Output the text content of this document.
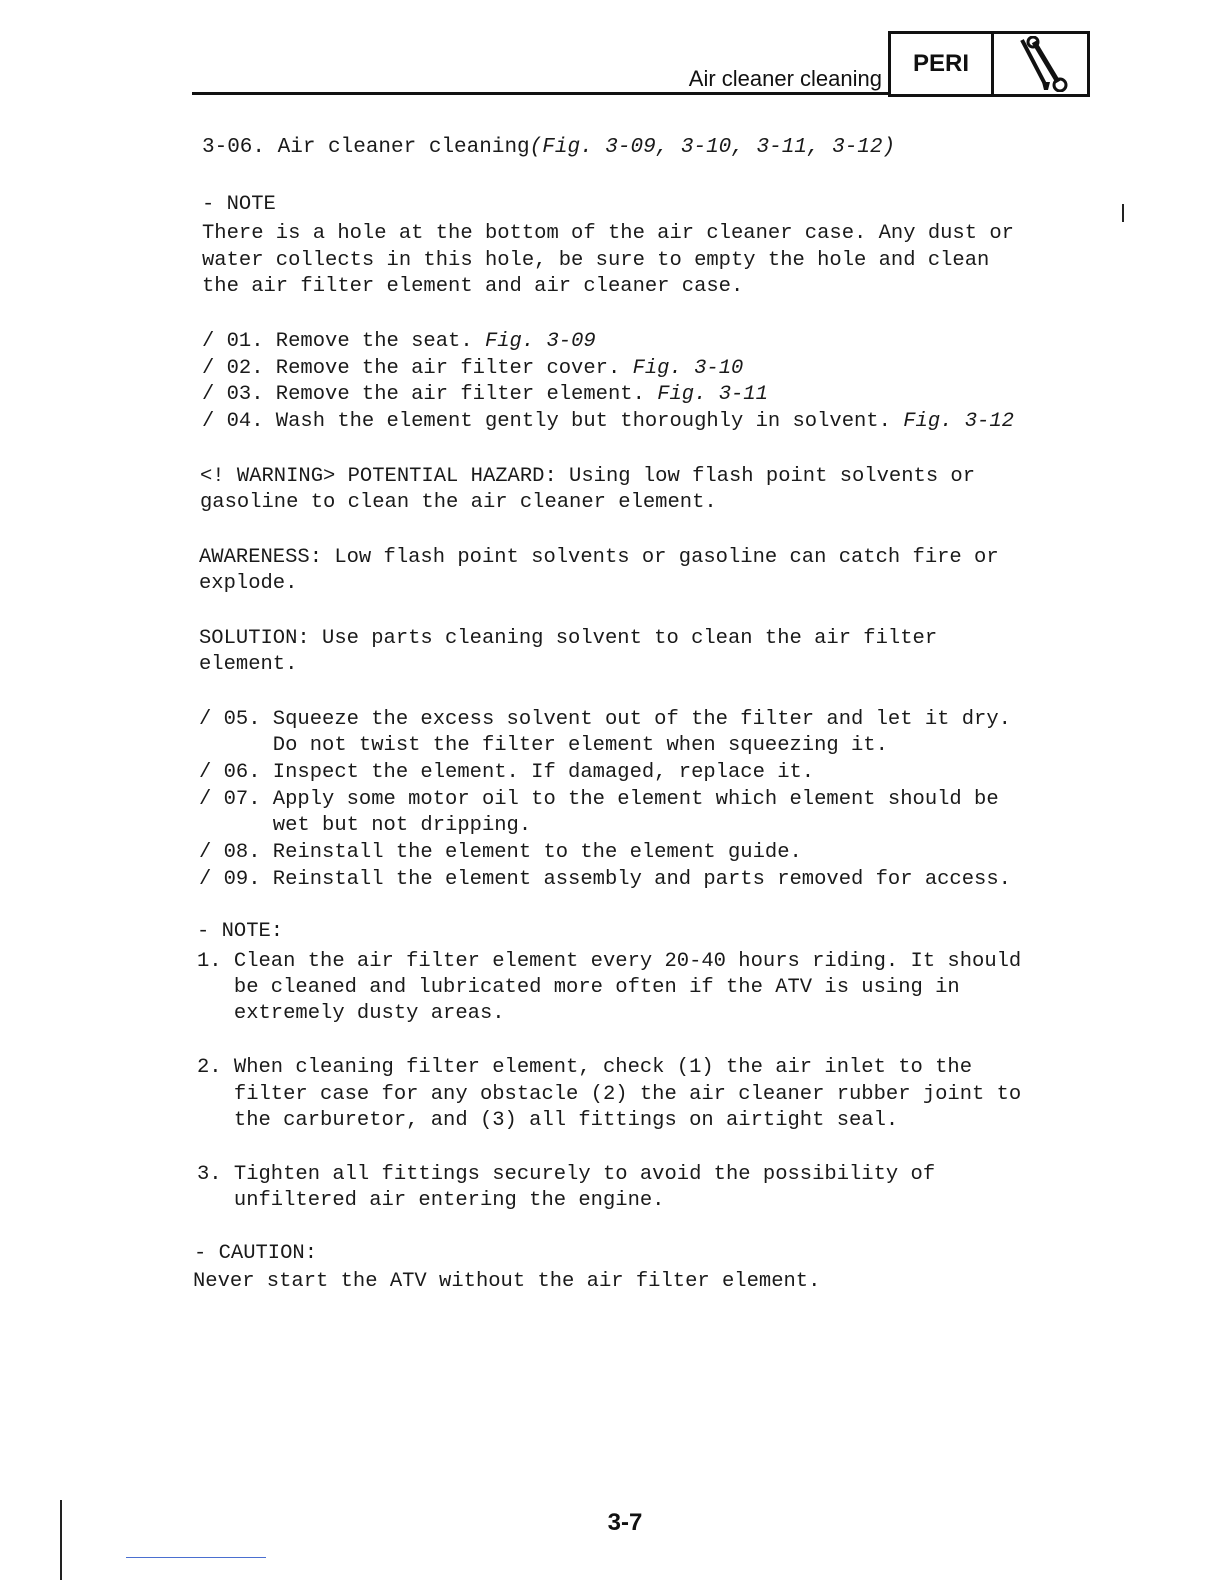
Air cleaner cleaning
PERI
3-06. Air cleaner cleaning(Fig. 3-09, 3-10, 3-11, 3-12)
- NOTE
There is a hole at the bottom of the air cleaner case. Any dust or
water collects in this hole, be sure to empty the hole and clean
the air filter element and air cleaner case.
/ 01. Remove the seat. Fig. 3-09
/ 02. Remove the air filter cover. Fig. 3-10
/ 03. Remove the air filter element. Fig. 3-11
/ 04. Wash the element gently but thoroughly in solvent. Fig. 3-12
<! WARNING> POTENTIAL HAZARD: Using low flash point solvents or
gasoline to clean the air cleaner element.
AWARENESS: Low flash point solvents or gasoline can catch fire or
explode.
SOLUTION: Use parts cleaning solvent to clean the air filter
element.
/ 05. Squeeze the excess solvent out of the filter and let it dry.
Do not twist the filter element when squeezing it.
/ 06. Inspect the element. If damaged, replace it.
/ 07. Apply some motor oil to the element which element should be
wet but not dripping.
/ 08. Reinstall the element to the element guide.
/ 09. Reinstall the element assembly and parts removed for access.
- NOTE:
1. Clean the air filter element every 20-40 hours riding. It should
be cleaned and lubricated more often if the ATV is using in
extremely dusty areas.
2. When cleaning filter element, check (1) the air inlet to the
filter case for any obstacle (2) the air cleaner rubber joint to
the carburetor, and (3) all fittings on airtight seal.
3. Tighten all fittings securely to avoid the possibility of
unfiltered air entering the engine.
- CAUTION:
Never start the ATV without the air filter element.
3-7
